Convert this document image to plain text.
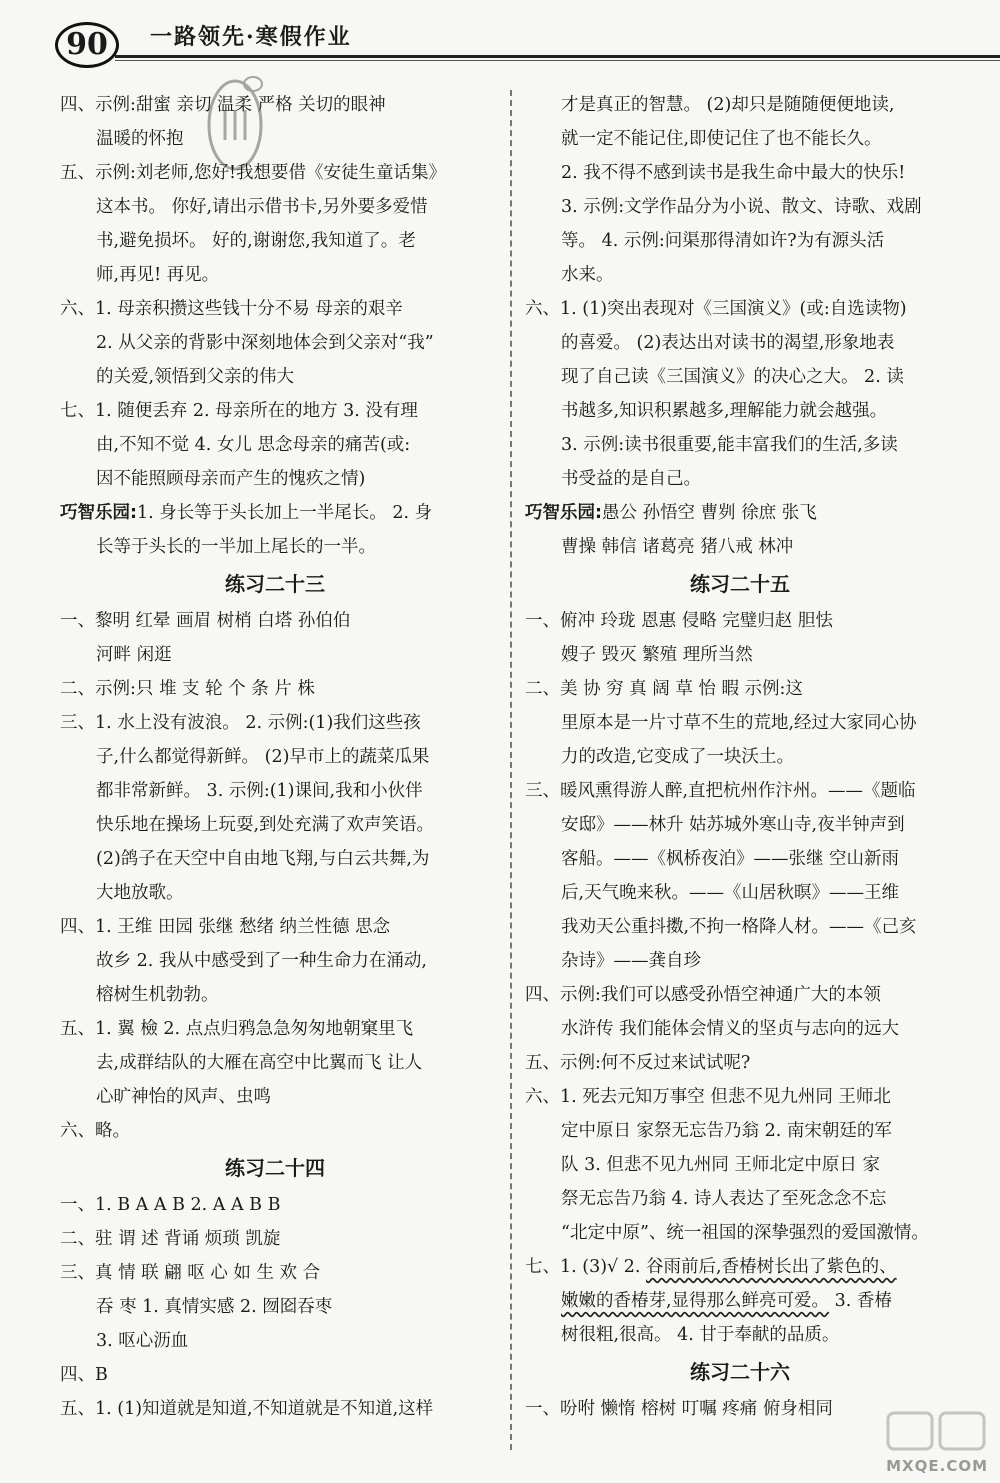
90	一路领先·寒假作业
四、示例:甜蜜 亲切 温柔 严格 关切的眼神
温暖的怀抱
五、示例:刘老师,您好!我想要借《安徒生童话集》
这本书。 你好,请出示借书卡,另外要多爱惜
书,避免损坏。 好的,谢谢您,我知道了。老
师,再见! 再见。
六、1. 母亲积攒这些钱十分不易 母亲的艰辛
2. 从父亲的背影中深刻地体会到父亲对“我”
的关爱,领悟到父亲的伟大
七、1. 随便丢弃 2. 母亲所在的地方 3. 没有理
由,不知不觉 4. 女儿 思念母亲的痛苦(或:
因不能照顾母亲而产生的愧疚之情)
巧智乐园:1. 身长等于头长加上一半尾长。 2. 身
长等于头长的一半加上尾长的一半。
练习二十三
一、黎明 红晕 画眉 树梢 白塔 孙伯伯
河畔 闲逛
二、示例:只 堆 支 轮 个 条 片 株
三、1. 水上没有波浪。 2. 示例:(1)我们这些孩
子,什么都觉得新鲜。 (2)早市上的蔬菜瓜果
都非常新鲜。 3. 示例:(1)课间,我和小伙伴
快乐地在操场上玩耍,到处充满了欢声笑语。
(2)鸽子在天空中自由地飞翔,与白云共舞,为
大地放歌。
四、1. 王维 田园 张继 愁绪 纳兰性德 思念
故乡 2. 我从中感受到了一种生命力在涌动,
榕树生机勃勃。
五、1. 翼 檢 2. 点点归鸦急急匆匆地朝窠里飞
去,成群结队的大雁在高空中比翼而飞 让人
心旷神怡的风声、虫鸣
六、略。
练习二十四
一、1. B A A B 2. A A B B
二、驻 谓 述 背诵 烦琐 凯旋
三、真 情 联 翩 呕 心 如 生 欢 合
吞 枣 1. 真情实感 2. 囫囵吞枣
3. 呕心沥血
四、B
五、1. (1)知道就是知道,不知道就是不知道,这样
才是真正的智慧。 (2)却只是随随便便地读,
就一定不能记住,即使记住了也不能长久。
2. 我不得不感到读书是我生命中最大的快乐!
3. 示例:文学作品分为小说、散文、诗歌、戏剧
等。 4. 示例:问渠那得清如许?为有源头活
水来。
六、1. (1)突出表现对《三国演义》(或:自选读物)
的喜爱。 (2)表达出对读书的渴望,形象地表
现了自己读《三国演义》的决心之大。 2. 读
书越多,知识积累越多,理解能力就会越强。
3. 示例:读书很重要,能丰富我们的生活,多读
书受益的是自己。
巧智乐园:愚公 孙悟空 曹刿 徐庶 张飞
曹操 韩信 诸葛亮 猪八戒 林冲
练习二十五
一、俯冲 玲珑 恩惠 侵略 完璧归赵 胆怯
嫂子 毁灭 繁殖 理所当然
二、美 协 穷 真 阔 草 怡 暇 示例:这
里原本是一片寸草不生的荒地,经过大家同心协
力的改造,它变成了一块沃土。
三、暖风熏得游人醉,直把杭州作汴州。——《题临
安邸》——林升 姑苏城外寒山寺,夜半钟声到
客船。——《枫桥夜泊》——张继 空山新雨
后,天气晚来秋。——《山居秋暝》——王维
我劝天公重抖擞,不拘一格降人材。——《己亥
杂诗》——龚自珍
四、示例:我们可以感受孙悟空神通广大的本领
水浒传 我们能体会情义的坚贞与志向的远大
五、示例:何不反过来试试呢?
六、1. 死去元知万事空 但悲不见九州同 王师北
定中原日 家祭无忘告乃翁 2. 南宋朝廷的军
队 3. 但悲不见九州同 王师北定中原日 家
祭无忘告乃翁 4. 诗人表达了至死念念不忘
“北定中原”、统一祖国的深挚强烈的爱国激情。
七、1. (3)√ 2. 谷雨前后,香椿树长出了紫色的、
嫩嫩的香椿芽,显得那么鲜亮可爱。 3. 香椿
树很粗,很高。 4. 甘于奉献的品质。
练习二十六
一、吩咐 懒惰 榕树 叮嘱 疼痛 俯身相同
MXQE.COM
